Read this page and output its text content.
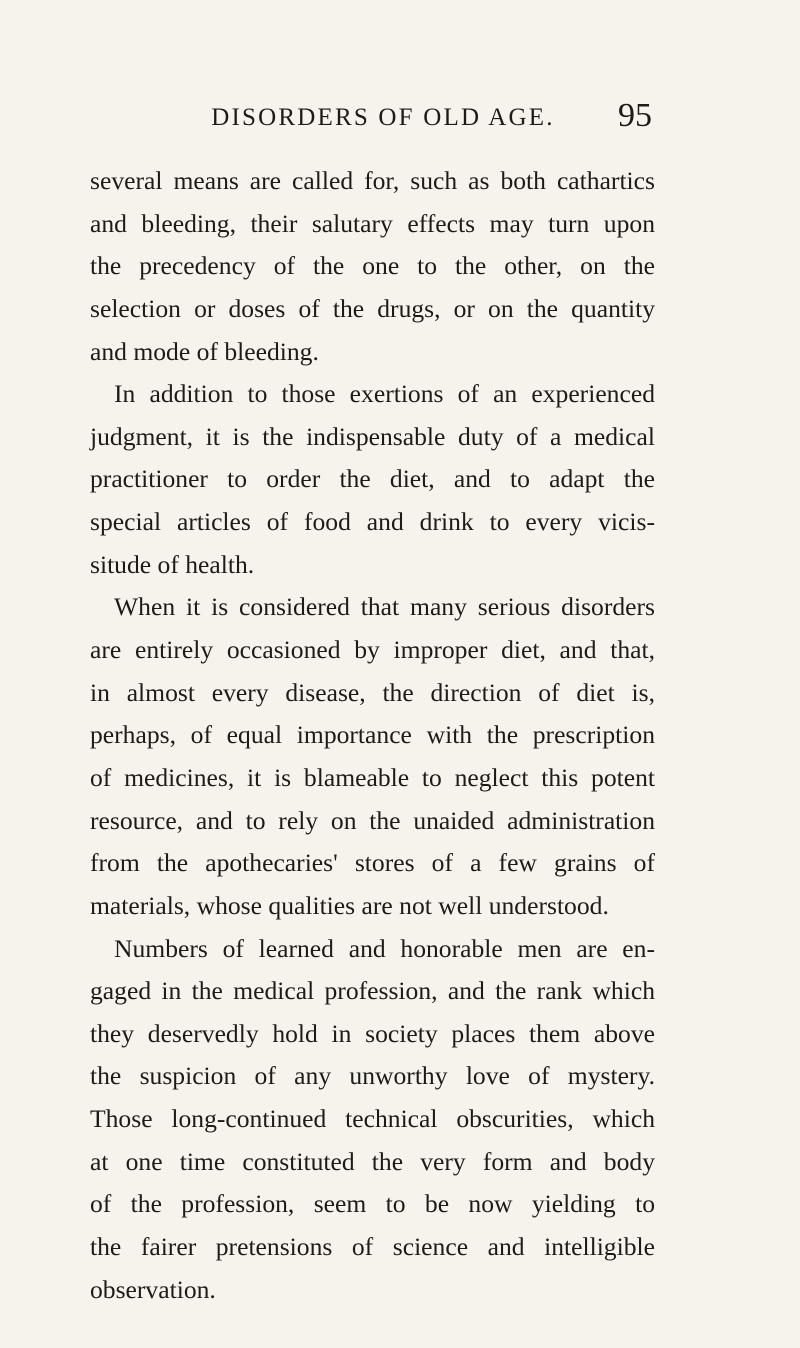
DISORDERS OF OLD AGE.	95
several means are called for, such as both cathartics
and bleeding, their salutary effects may turn upon
the precedency of the one to the other, on the
selection or doses of the drugs, or on the quantity
and mode of bleeding.
In addition to those exertions of an experienced
judgment, it is the indispensable duty of a medical
practitioner to order the diet, and to adapt the
special articles of food and drink to every vicis-
situde of health.
When it is considered that many serious disorders
are entirely occasioned by improper diet, and that,
in almost every disease, the direction of diet is,
perhaps, of equal importance with the prescription
of medicines, it is blameable to neglect this potent
resource, and to rely on the unaided administration
from the apothecaries' stores of a few grains of
materials, whose qualities are not well understood.
Numbers of learned and honorable men are en-
gaged in the medical profession, and the rank which
they deservedly hold in society places them above
the suspicion of any unworthy love of mystery.
Those long-continued technical obscurities, which
at one time constituted the very form and body
of the profession, seem to be now yielding to
the fairer pretensions of science and intelligible
observation.
